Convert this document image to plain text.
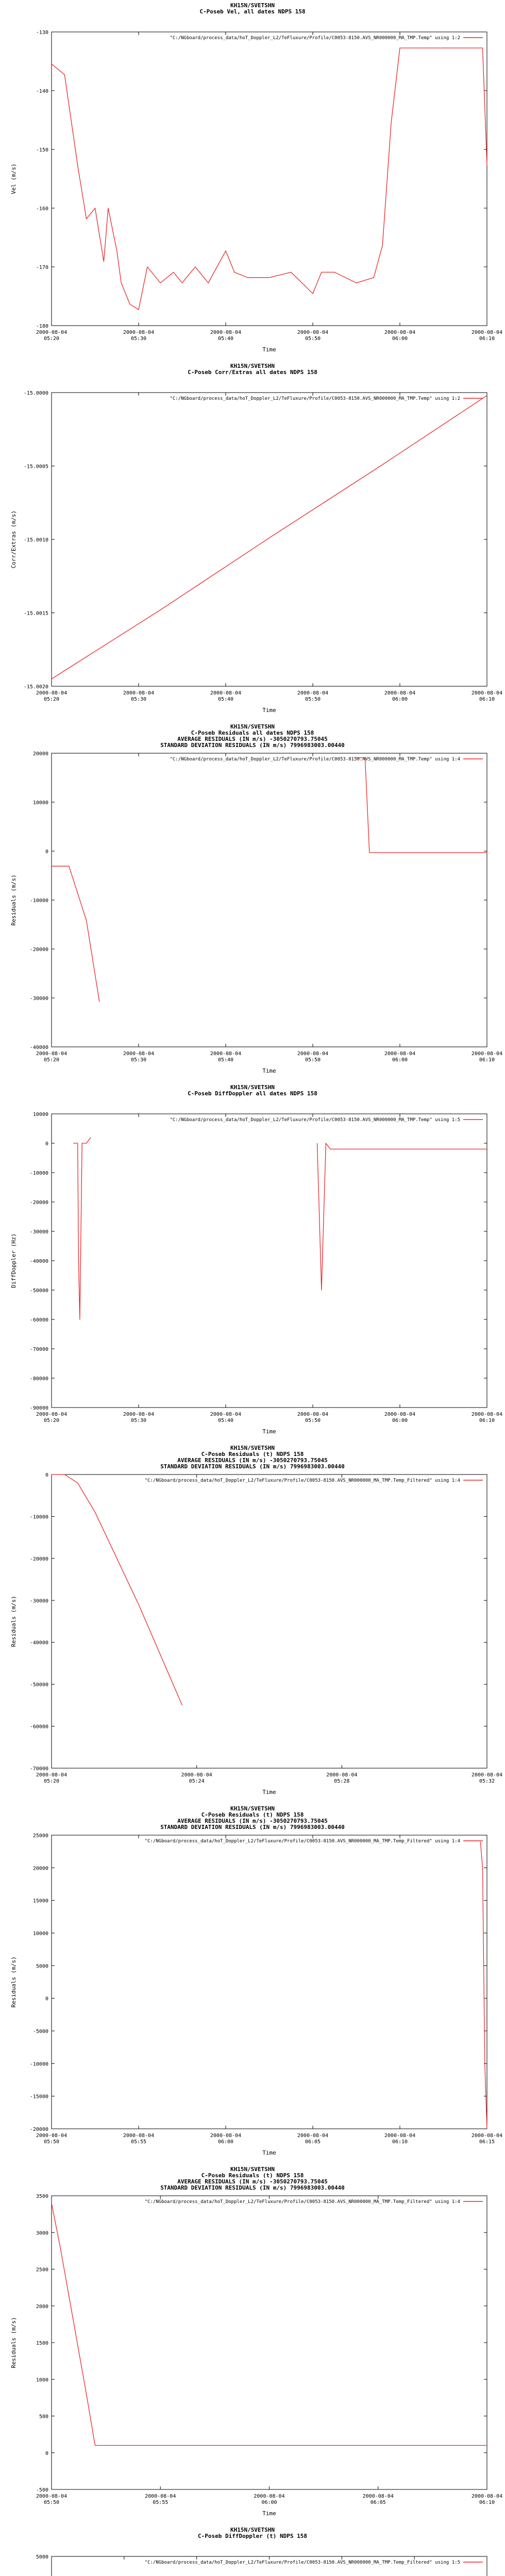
KH15N/SVETSHN
C-Poseb Vel, all dates NDPS 158
-130
-140
-150
-160
-170
-180
2000-08-04
05:20
2000-08-04
05:30
2000-08-04
05:40
2000-08-04
05:50
2000-08-04
06:00
2000-08-04
06:10
Time
Vel (m/s)
"C:/NGboard/process_data/hoT_Doppler_L2/TeFluxure/Profile/C0053-8150.AVS_NR000000_MA_TMP.Temp" using 1:2
KH15N/SVETSHN
C-Poseb Corr/Extras all dates NDPS 158
-15.0000
-15.0005
-15.0010
-15.0015
-15.0020
2000-08-04
05:20
2000-08-04
05:30
2000-08-04
05:40
2000-08-04
05:50
2000-08-04
06:00
2000-08-04
06:10
Time
Corr/Extras (m/s)
"C:/NGboard/process_data/hoT_Doppler_L2/TeFluxure/Profile/C0053-8150.AVS_NR000000_MA_TMP.Temp" using 1:2
KH15N/SVETSHN
C-Poseb Residuals all dates NDPS 158
AVERAGE RESIDUALS (IN m/s) -3050270793.75045
STANDARD DEVIATION RESIDUALS (IN m/s) 7996983003.00440
20000
10000
0
-10000
-20000
-30000
-40000
2000-08-04
05:20
2000-08-04
05:30
2000-08-04
05:40
2000-08-04
05:50
2000-08-04
06:00
2000-08-04
06:10
Time
Residuals (m/s)
"C:/NGboard/process_data/hoT_Doppler_L2/TeFluxure/Profile/C0053-8150.AVS_NR000000_MA_TMP.Temp" using 1:4
KH15N/SVETSHN
C-Poseb DiffDoppler all dates NDPS 158
10000
0
-10000
-20000
-30000
-40000
-50000
-60000
-70000
-80000
-90000
2000-08-04
05:20
2000-08-04
05:30
2000-08-04
05:40
2000-08-04
05:50
2000-08-04
06:00
2000-08-04
06:10
Time
DiffDoppler (Hz)
"C:/NGboard/process_data/hoT_Doppler_L2/TeFluxure/Profile/C0053-8150.AVS_NR000000_MA_TMP.Temp" using 1:5
KH15N/SVETSHN
C-Poseb Residuals (t) NDPS 158
AVERAGE RESIDUALS (IN m/s) -3050270793.75045
STANDARD DEVIATION RESIDUALS (IN m/s) 7996983003.00440
0
-10000
-20000
-30000
-40000
-50000
-60000
-70000
2000-08-04
05:20
2000-08-04
05:24
2000-08-04
05:28
2000-08-04
05:32
Time
Residuals (m/s)
"C:/NGboard/process_data/hoT_Doppler_L2/TeFluxure/Profile/C0053-8150.AVS_NR000000_MA_TMP.Temp_Filtered" using 1:4
KH15N/SVETSHN
C-Poseb Residuals (t) NDPS 158
AVERAGE RESIDUALS (IN m/s) -3050270793.75045
STANDARD DEVIATION RESIDUALS (IN m/s) 7996983003.00440
25000
20000
15000
10000
5000
0
-5000
-10000
-15000
-20000
2000-08-04
05:50
2000-08-04
05:55
2000-08-04
06:00
2000-08-04
06:05
2000-08-04
06:10
2000-08-04
06:15
Time
Residuals (m/s)
"C:/NGboard/process_data/hoT_Doppler_L2/TeFluxure/Profile/C0053-8150.AVS_NR000000_MA_TMP.Temp_Filtered" using 1:4
KH15N/SVETSHN
C-Poseb Residuals (t) NDPS 158
AVERAGE RESIDUALS (IN m/s) -3050270793.75045
STANDARD DEVIATION RESIDUALS (IN m/s) 7996983003.00440
3500
3000
2500
2000
1500
1000
500
0
-500
2000-08-04
05:50
2000-08-04
05:55
2000-08-04
06:00
2000-08-04
06:05
2000-08-04
06:10
Time
Residuals (m/s)
"C:/NGboard/process_data/hoT_Doppler_L2/TeFluxure/Profile/C0053-8150.AVS_NR000000_MA_TMP.Temp_Filtered" using 1:4
KH15N/SVETSHN
C-Poseb DiffDoppler (t) NDPS 158
5000
"C:/NGboard/process_data/hoT_Doppler_L2/TeFluxure/Profile/C0053-8150.AVS_NR000000_MA_TMP.Temp_Filtered" using 1:5
